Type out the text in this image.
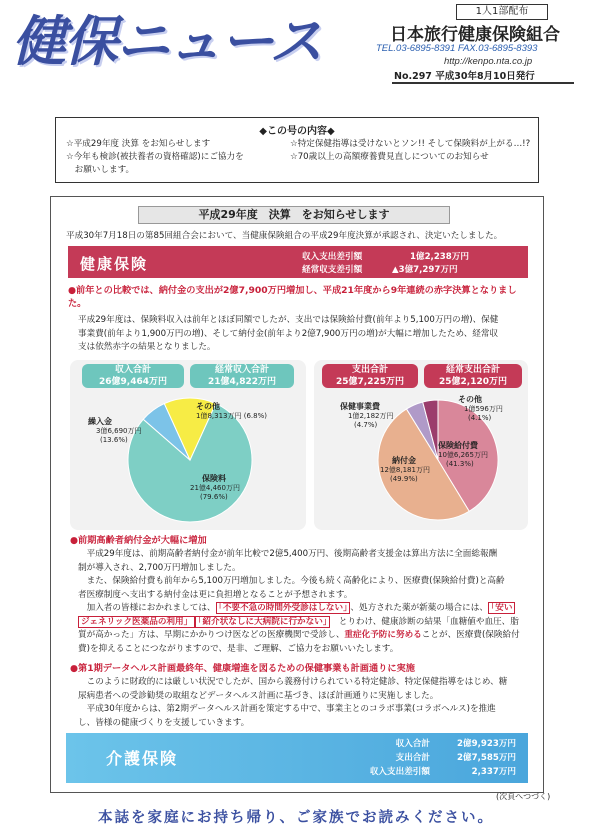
健保ニュース	1人1部配布
日本旅行健康保険組合
TEL.03-6895-8391 FAX.03-6895-8393
http://kenpo.nta.co.jp
No.297 平成30年8月10日発行
◆この号の内容◆
☆平成29年度 決算 をお知らせします
☆今年も検診(被扶養者の資格確認)にご協力を
　お願いします。
☆特定保健指導は受けないとソン!! そして保険料が上がる…!?
☆70歳以上の高額療養費見直しについてのお知らせ
平成29年度　決算　をお知らせします
平成30年7月18日の第85回組合会において、当健康保険組合の平成29年度決算が承認され、決定いたしました。
健康保険	収入支出差引額	1億2,238万円
経常収支差引額	▲3億7,297万円
●前年との比較では、納付金の支出が2億7,900万円増加し、平成21年度から9年連続の赤字決算となりました。
平成29年度は、保険料収入は前年とほぼ同額でしたが、支出では保険給付費(前年より5,100万円の増)、保健
事業費(前年より1,900万円の増)、そして納付金(前年より2億7,900万円の増)が大幅に増加したため、経常収
支は依然赤字の結果となりました。
収入合計
26億9,464万円
経常収入合計
21億4,822万円
その他
1億8,313万円 (6.8%)
繰入金
3億6,690万円
(13.6%)
保険料
21億4,460万円
(79.6%)
支出合計
25億7,225万円
経常支出合計
25億2,120万円
その他
1億596万円
(4.1%)
保健事業費
1億2,182万円
(4.7%)
保険給付費
10億6,265万円
(41.3%)
納付金
12億8,181万円
(49.9%)
●前期高齢者納付金が大幅に増加
　平成29年度は、前期高齢者納付金が前年比較で2億5,400万円、後期高齢者支援金は算出方法に全面総報酬
制が導入され、2,700万円増加しました。
　また、保険給付費も前年から5,100万円増加しました。今後も続く高齢化により、医療費(保険給付費)と高齢
者医療制度へ支出する納付金は更に負担増となることが予想されます。
　加入者の皆様におかれましては、 「不要不急の時間外受診はしない」 、処方された薬が新薬の場合には、 「安い
ジェネリック医薬品の利用」 「紹介状なしに大病院に行かない」　とりわけ、健康診断の結果「血糖値や血圧、脂
質が高かった」方は、早期にかかりつけ医などの医療機関で受診し、重症化予防に努めることが、医療費(保険給付
費)を抑えることにつながりますので、是非、ご理解、ご協力をお願いいたします。
●第1期データヘルス計画最終年、健康増進を図るための保健事業も計画通りに実施
　このように財政的には厳しい状況でしたが、国から義務付けられている特定健診、特定保健指導をはじめ、糖
尿病患者への受診勧奨の取組などデータヘルス計画に基づき、ほぼ計画通りに実施しました。
　平成30年度からは、第2期データヘルス計画を策定する中で、事業主とのコラボ事業(コラボヘルス)を推進
し、皆様の健康づくりを支援していきます。
介護保険
収入合計	2億9,923万円
支出合計	2億7,585万円
収入支出差引額	2,337万円
(次頁へつづく)
本誌を家庭にお持ち帰り、ご家族でお読みください。
